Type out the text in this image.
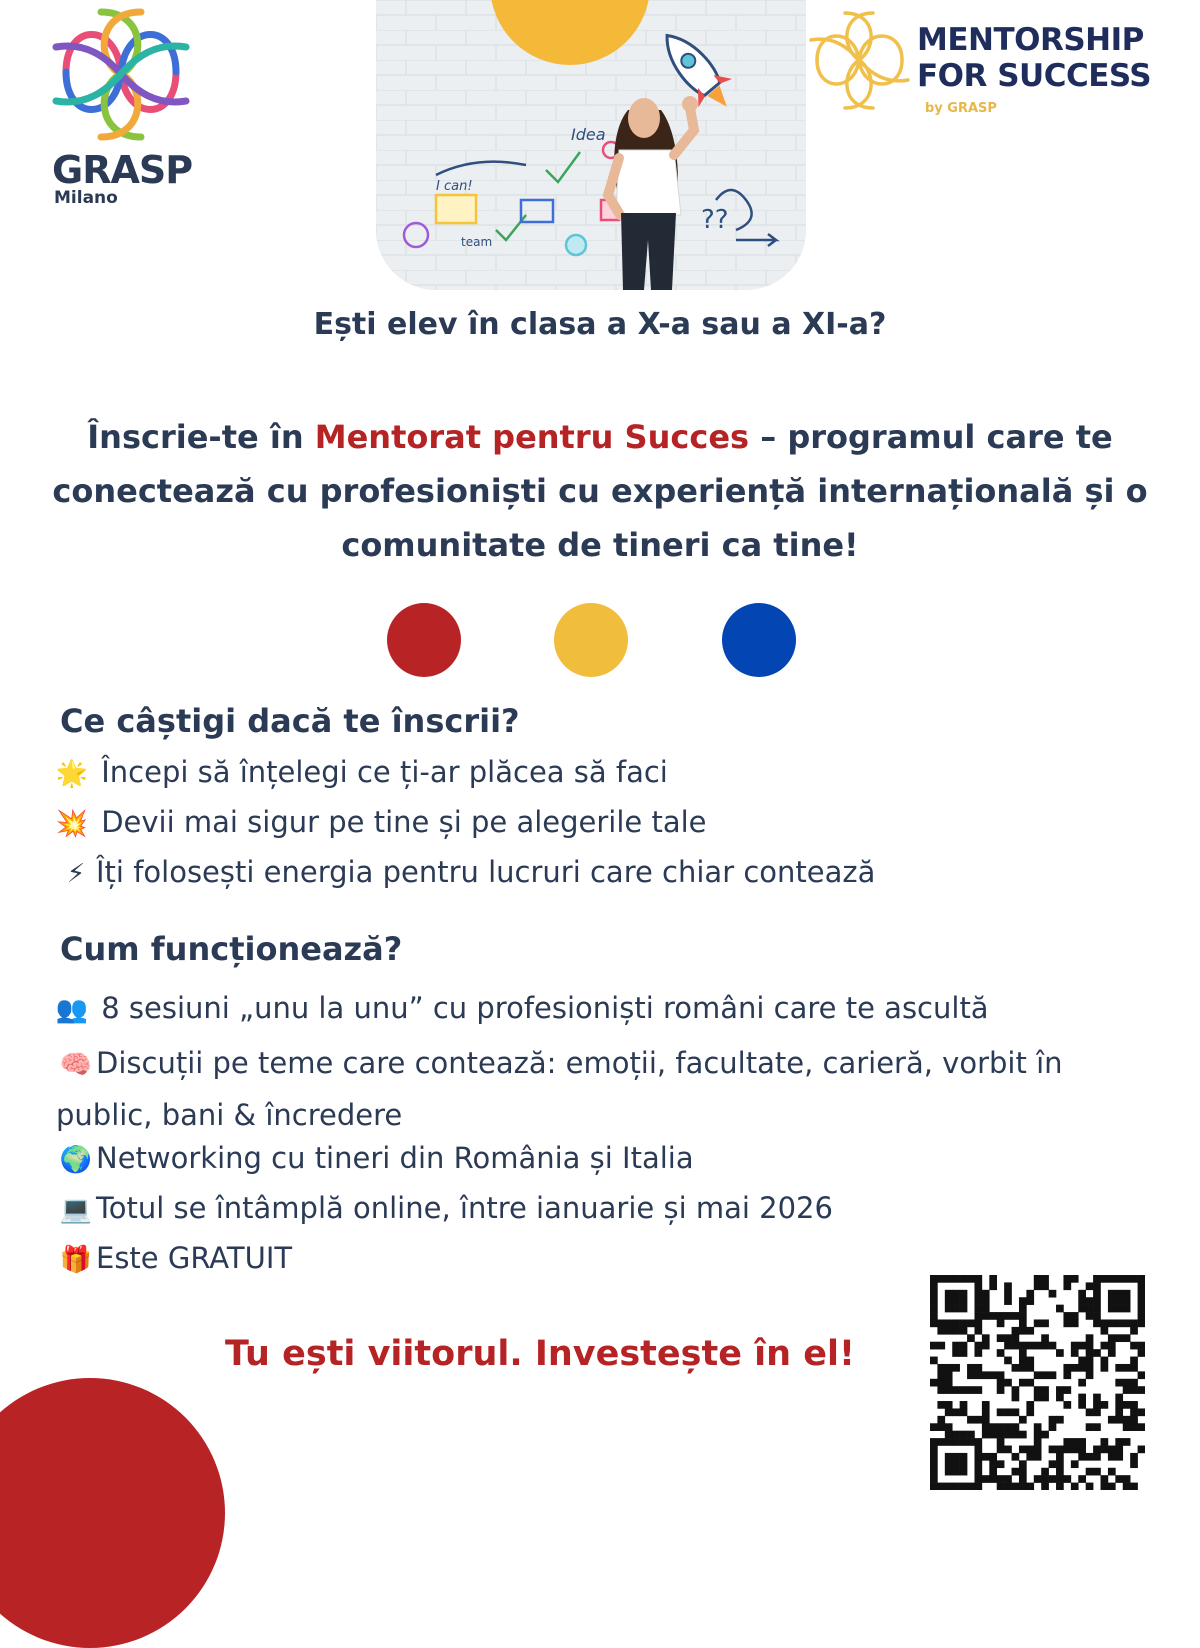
GRASP
Milano
Idea
I can!
team
??
MENTORSHIP
FOR SUCCESS
by GRASP
Ești elev în clasa a X-a sau a XI-a?
Înscrie-te în Mentorat pentru Succes – programul care te conectează cu profesioniști cu experiență internațională și o comunitate de tineri ca tine!
Ce câștigi dacă te înscrii?
🌟 Începi să înțelegi ce ți-ar plăcea să faci
💥 Devii mai sigur pe tine și pe alegerile tale
⚡ Îți folosești energia pentru lucruri care chiar contează
Cum funcționează?
👥 8 sesiuni „unu la unu” cu profesioniști români care te ascultă
🧠 Discuții pe teme care contează: emoții, facultate, carieră, vorbit în public, bani & încredere
🌍 Networking cu tineri din România și Italia
💻 Totul se întâmplă online, între ianuarie și mai 2026
🎁 Este GRATUIT
Tu ești viitorul. Investește în el!
